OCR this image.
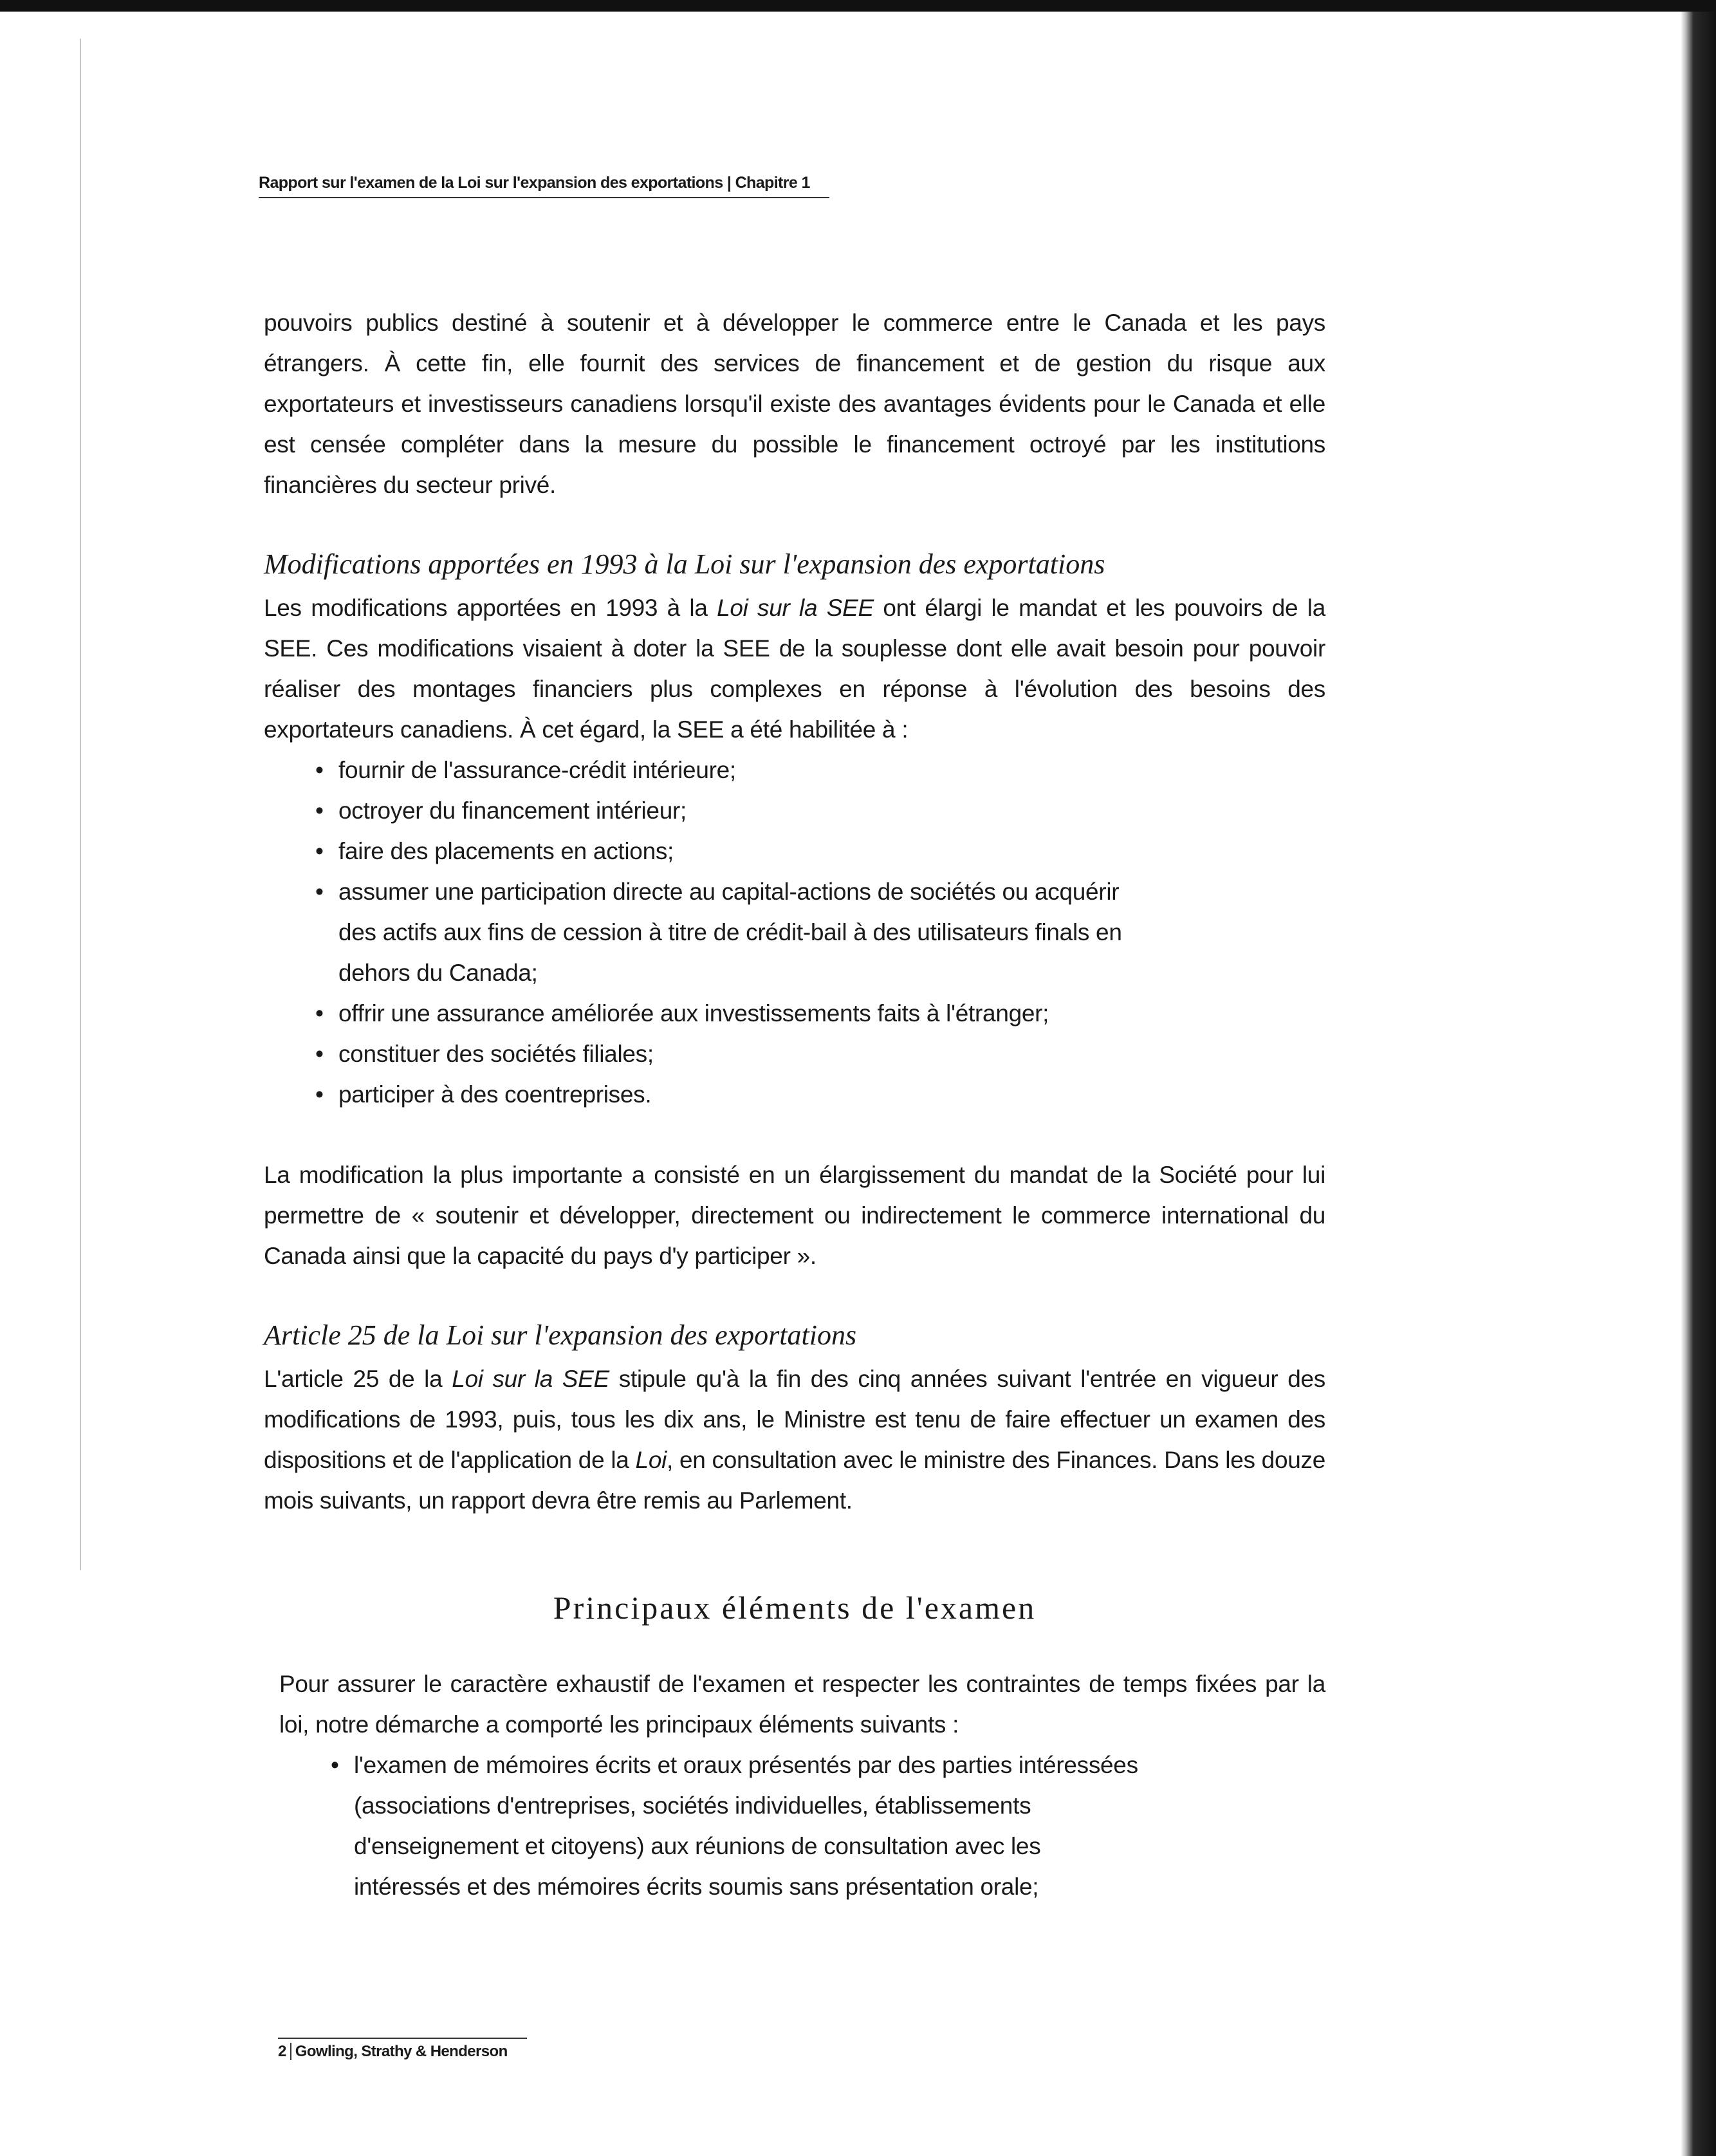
Rapport sur l'examen de la Loi sur l'expansion des exportations | Chapitre 1

pouvoirs publics destiné à soutenir et à développer le commerce entre le Canada et les pays étrangers. À cette fin, elle fournit des services de financement et de gestion du risque aux exportateurs et investisseurs canadiens lorsqu'il existe des avantages évidents pour le Canada et elle est censée compléter dans la mesure du possible le financement octroyé par les institutions financières du secteur privé.

Modifications apportées en 1993 à la Loi sur l'expansion des exportations

Les modifications apportées en 1993 à la Loi sur la SEE ont élargi le mandat et les pouvoirs de la SEE. Ces modifications visaient à doter la SEE de la souplesse dont elle avait besoin pour pouvoir réaliser des montages financiers plus complexes en réponse à l'évolution des besoins des exportateurs canadiens. À cet égard, la SEE a été habilitée à :

• fournir de l'assurance-crédit intérieure;
• octroyer du financement intérieur;
• faire des placements en actions;
• assumer une participation directe au capital-actions de sociétés ou acquérir des actifs aux fins de cession à titre de crédit-bail à des utilisateurs finals en dehors du Canada;
• offrir une assurance améliorée aux investissements faits à l'étranger;
• constituer des sociétés filiales;
• participer à des coentreprises.

La modification la plus importante a consisté en un élargissement du mandat de la Société pour lui permettre de « soutenir et développer, directement ou indirectement le commerce international du Canada ainsi que la capacité du pays d'y participer ».

Article 25 de la Loi sur l'expansion des exportations

L'article 25 de la Loi sur la SEE stipule qu'à la fin des cinq années suivant l'entrée en vigueur des modifications de 1993, puis, tous les dix ans, le Ministre est tenu de faire effectuer un examen des dispositions et de l'application de la Loi, en consultation avec le ministre des Finances. Dans les douze mois suivants, un rapport devra être remis au Parlement.

Principaux éléments de l'examen

Pour assurer le caractère exhaustif de l'examen et respecter les contraintes de temps fixées par la loi, notre démarche a comporté les principaux éléments suivants :

• l'examen de mémoires écrits et oraux présentés par des parties intéressées (associations d'entreprises, sociétés individuelles, établissements d'enseignement et citoyens) aux réunions de consultation avec les intéressés et des mémoires écrits soumis sans présentation orale;
2 Gowling, Strathy & Henderson
